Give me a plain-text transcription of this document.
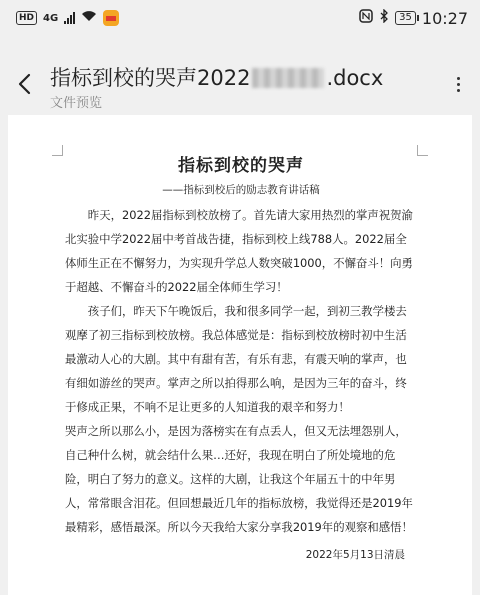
HD 4G	35 10:27
指标到校的哭声2022	.docx
文件预览
指标到校的哭声
——指标到校后的励志教育讲话稿

昨天，2022届指标到校放榜了。首先请大家用热烈的掌声祝贺渝北实验中学2022届中考首战告捷，指标到校上线788人。2022届全体师生正在不懈努力，为实现升学总人数突破1000，不懈奋斗！向勇于超越、不懈奋斗的2022届全体师生学习！

孩子们，昨天下午晚饭后，我和很多同学一起，到初三教学楼去观摩了初三指标到校放榜。我总体感觉是：指标到校放榜时初中生活最激动人心的大剧。其中有甜有苦，有乐有悲，有震天响的掌声，也有细如游丝的哭声。掌声之所以拍得那么响，是因为三年的奋斗，终于修成正果，不响不足让更多的人知道我的艰辛和努力！

哭声之所以那么小，是因为落榜实在有点丢人，但又无法埋怨别人，自己种什么树，就会结什么果…还好，我现在明白了所处境地的危险，明白了努力的意义。这样的大剧，让我这个年届五十的中年男人，常常眼含泪花。但回想最近几年的指标放榜，我觉得还是2019年最精彩，感悟最深。所以今天我给大家分享我2019年的观察和感悟！

2022年5月13日清晨
